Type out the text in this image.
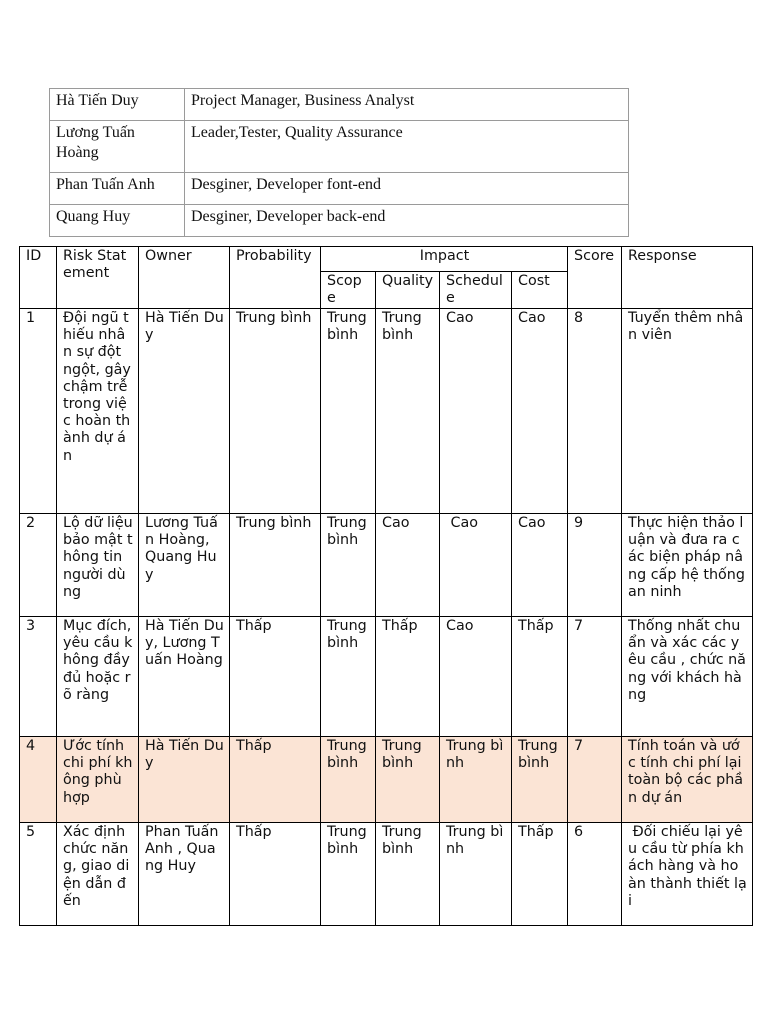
Hà Tiến Duy	Project Manager, Business Analyst
Lương Tuấn Hoàng	Leader,Tester, Quality Assurance
Phan Tuấn Anh	Desginer, Developer font-end
Quang Huy	Desginer, Developer back-end
ID	Risk Statement	Owner	Probability	Impact				Score	Response
				Scope	Quality	Schedule	Cost		
1	Đội ngũ thiếu nhân sự đột ngột, gây chậm trễ trong việc hoàn thành dự án	Hà Tiến Duy	Trung bình	Trung bình	Trung bình	Cao	Cao	8	Tuyển thêm nhân viên
2	Lộ dữ liệu bảo mật thông tin người dùng	Lương Tuấn Hoàng, Quang Huy	Trung bình	Trung bình	Cao	Cao	Cao	9	Thực hiện thảo luận và đưa ra các biện pháp nâng cấp hệ thống an ninh
3	Mục đích, yêu cầu không đầy đủ hoặc rõ ràng	Hà Tiến Duy, Lương Tuấn Hoàng	Thấp	Trung bình	Thấp	Cao	Thấp	7	Thống nhất chuẩn và xác các yêu cầu , chức năng với khách hàng
4	Ước tính chi phí không phù hợp	Hà Tiến Duy	Thấp	Trung bình	Trung bình	Trung bình	Trung bình	7	Tính toán và ước tính chi phí lại toàn bộ các phần dự án
5	Xác định chức năng, giao diện dẫn đến	Phan Tuấn Anh , Quang Huy	Thấp	Trung bình	Trung bình	Trung bình	Thấp	6	Đối chiếu lại yêu cầu từ phía khách hàng và hoàn thành thiết lại
